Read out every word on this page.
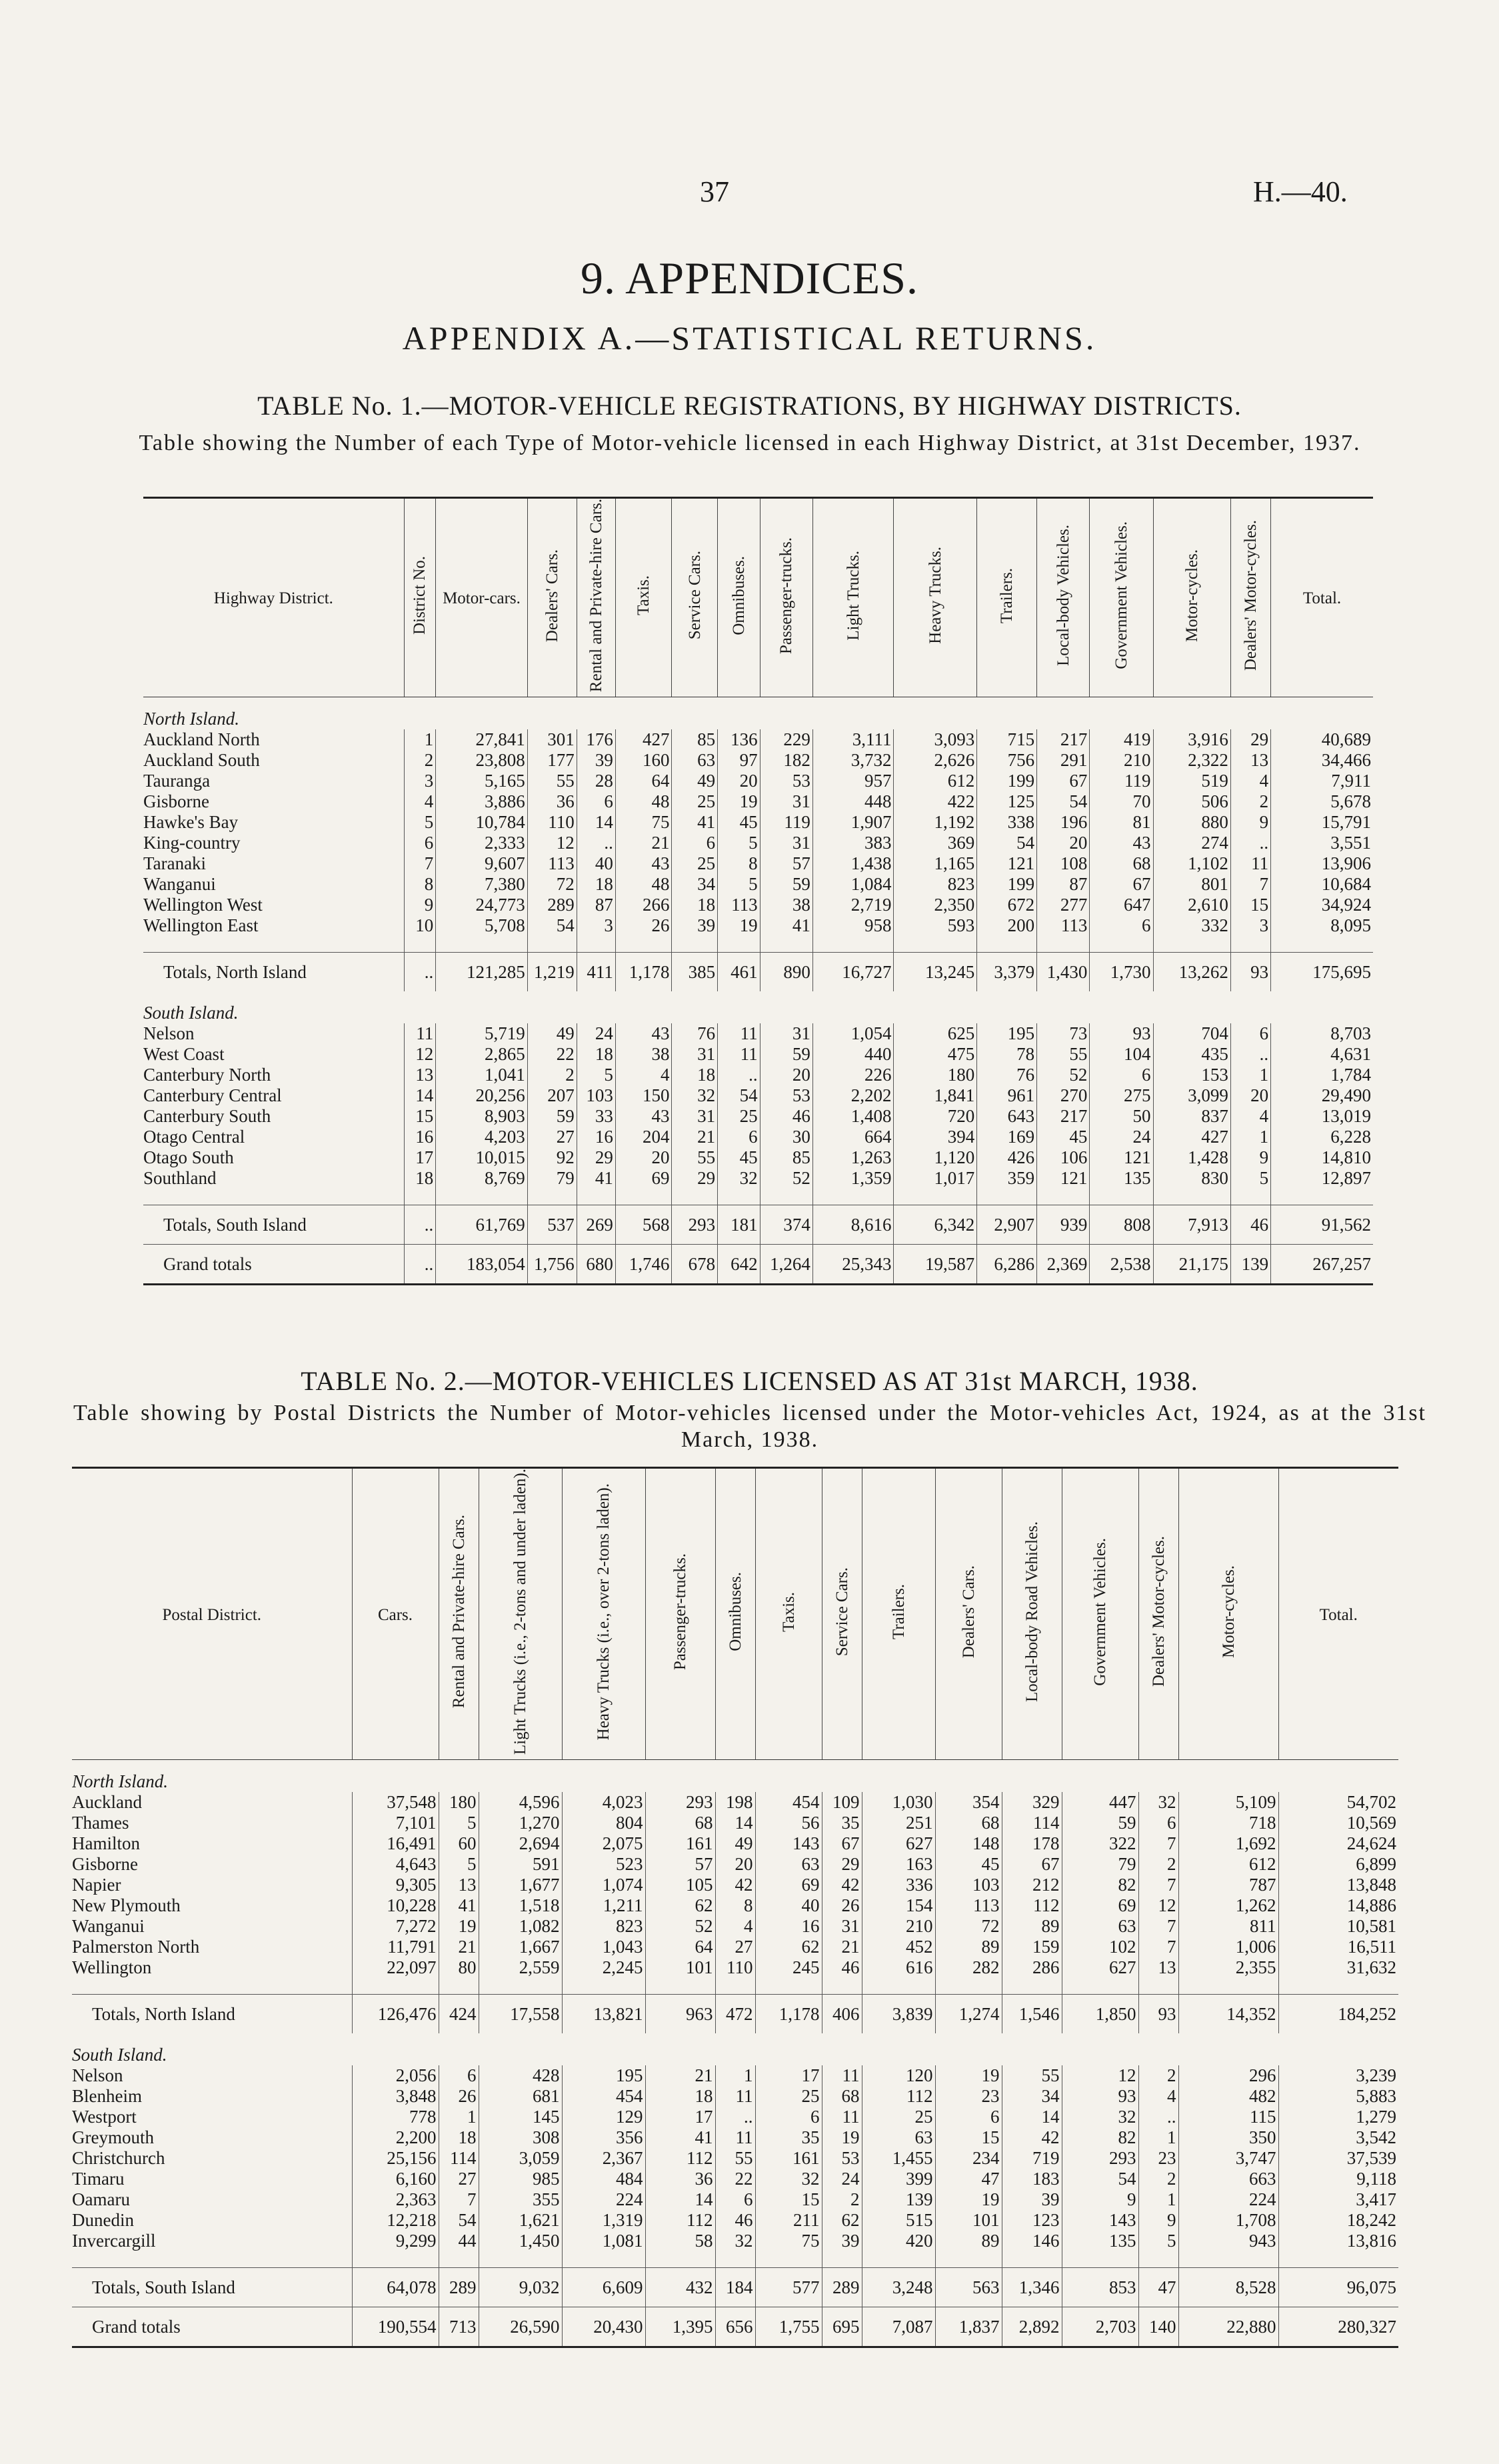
37	H.—40.
9. APPENDICES.
APPENDIX A.—STATISTICAL RETURNS.
TABLE No. 1.—MOTOR-VEHICLE REGISTRATIONS, BY HIGHWAY DISTRICTS.
Table showing the Number of each Type of Motor-vehicle licensed in each Highway District, at 31st December, 1937.
Highway District.	District No.	Motor-cars.	Dealers' Cars.	Rental and Private-hire Cars.	Taxis.	Service Cars.	Omnibuses.	Passenger-trucks.	Light Trucks.	Heavy Trucks.	Trailers.	Local-body Vehicles.	Government Vehicles.	Motor-cycles.	Dealers' Motor-cycles.	Total.
North Island.																
Auckland North	1	27,841	301	176	427	85	136	229	3,111	3,093	715	217	419	3,916	29	40,689
Auckland South	2	23,808	177	39	160	63	97	182	3,732	2,626	756	291	210	2,322	13	34,466
Tauranga	3	5,165	55	28	64	49	20	53	957	612	199	67	119	519	4	7,911
Gisborne	4	3,886	36	6	48	25	19	31	448	422	125	54	70	506	2	5,678
Hawke's Bay	5	10,784	110	14	75	41	45	119	1,907	1,192	338	196	81	880	9	15,791
King-country	6	2,333	12	..	21	6	5	31	383	369	54	20	43	274	..	3,551
Taranaki	7	9,607	113	40	43	25	8	57	1,438	1,165	121	108	68	1,102	11	13,906
Wanganui	8	7,380	72	18	48	34	5	59	1,084	823	199	87	67	801	7	10,684
Wellington West	9	24,773	289	87	266	18	113	38	2,719	2,350	672	277	647	2,610	15	34,924
Wellington East	10	5,708	54	3	26	39	19	41	958	593	200	113	6	332	3	8,095

Totals, North Island	..	121,285	1,219	411	1,178	385	461	890	16,727	13,245	3,379	1,430	1,730	13,262	93	175,695
South Island.																
Nelson	11	5,719	49	24	43	76	11	31	1,054	625	195	73	93	704	6	8,703
West Coast	12	2,865	22	18	38	31	11	59	440	475	78	55	104	435	..	4,631
Canterbury North	13	1,041	2	5	4	18	..	20	226	180	76	52	6	153	1	1,784
Canterbury Central	14	20,256	207	103	150	32	54	53	2,202	1,841	961	270	275	3,099	20	29,490
Canterbury South	15	8,903	59	33	43	31	25	46	1,408	720	643	217	50	837	4	13,019
Otago Central	16	4,203	27	16	204	21	6	30	664	394	169	45	24	427	1	6,228
Otago South	17	10,015	92	29	20	55	45	85	1,263	1,120	426	106	121	1,428	9	14,810
Southland	18	8,769	79	41	69	29	32	52	1,359	1,017	359	121	135	830	5	12,897

Totals, South Island	..	61,769	537	269	568	293	181	374	8,616	6,342	2,907	939	808	7,913	46	91,562
Grand totals	..	183,054	1,756	680	1,746	678	642	1,264	25,343	19,587	6,286	2,369	2,538	21,175	139	267,257
TABLE No. 2.—MOTOR-VEHICLES LICENSED AS AT 31st MARCH, 1938.
Table showing by Postal Districts the Number of Motor-vehicles licensed under the Motor-vehicles Act, 1924, as at the 31st March, 1938.
Postal District.	Cars.	Rental and Private-hire Cars.	Light Trucks (i.e., 2-tons and under laden).	Heavy Trucks (i.e., over 2-tons laden).	Passenger-trucks.	Omnibuses.	Taxis.	Service Cars.	Trailers.	Dealers' Cars.	Local-body Road Vehicles.	Government Vehicles.	Dealers' Motor-cycles.	Motor-cycles.	Total.
North Island.															
Auckland	37,548	180	4,596	4,023	293	198	454	109	1,030	354	329	447	32	5,109	54,702
Thames	7,101	5	1,270	804	68	14	56	35	251	68	114	59	6	718	10,569
Hamilton	16,491	60	2,694	2,075	161	49	143	67	627	148	178	322	7	1,692	24,624
Gisborne	4,643	5	591	523	57	20	63	29	163	45	67	79	2	612	6,899
Napier	9,305	13	1,677	1,074	105	42	69	42	336	103	212	82	7	787	13,848
New Plymouth	10,228	41	1,518	1,211	62	8	40	26	154	113	112	69	12	1,262	14,886
Wanganui	7,272	19	1,082	823	52	4	16	31	210	72	89	63	7	811	10,581
Palmerston North	11,791	21	1,667	1,043	64	27	62	21	452	89	159	102	7	1,006	16,511
Wellington	22,097	80	2,559	2,245	101	110	245	46	616	282	286	627	13	2,355	31,632

Totals, North Island	126,476	424	17,558	13,821	963	472	1,178	406	3,839	1,274	1,546	1,850	93	14,352	184,252
South Island.															
Nelson	2,056	6	428	195	21	1	17	11	120	19	55	12	2	296	3,239
Blenheim	3,848	26	681	454	18	11	25	68	112	23	34	93	4	482	5,883
Westport	778	1	145	129	17	..	6	11	25	6	14	32	..	115	1,279
Greymouth	2,200	18	308	356	41	11	35	19	63	15	42	82	1	350	3,542
Christchurch	25,156	114	3,059	2,367	112	55	161	53	1,455	234	719	293	23	3,747	37,539
Timaru	6,160	27	985	484	36	22	32	24	399	47	183	54	2	663	9,118
Oamaru	2,363	7	355	224	14	6	15	2	139	19	39	9	1	224	3,417
Dunedin	12,218	54	1,621	1,319	112	46	211	62	515	101	123	143	9	1,708	18,242
Invercargill	9,299	44	1,450	1,081	58	32	75	39	420	89	146	135	5	943	13,816

Totals, South Island	64,078	289	9,032	6,609	432	184	577	289	3,248	563	1,346	853	47	8,528	96,075
Grand totals	190,554	713	26,590	20,430	1,395	656	1,755	695	7,087	1,837	2,892	2,703	140	22,880	280,327
